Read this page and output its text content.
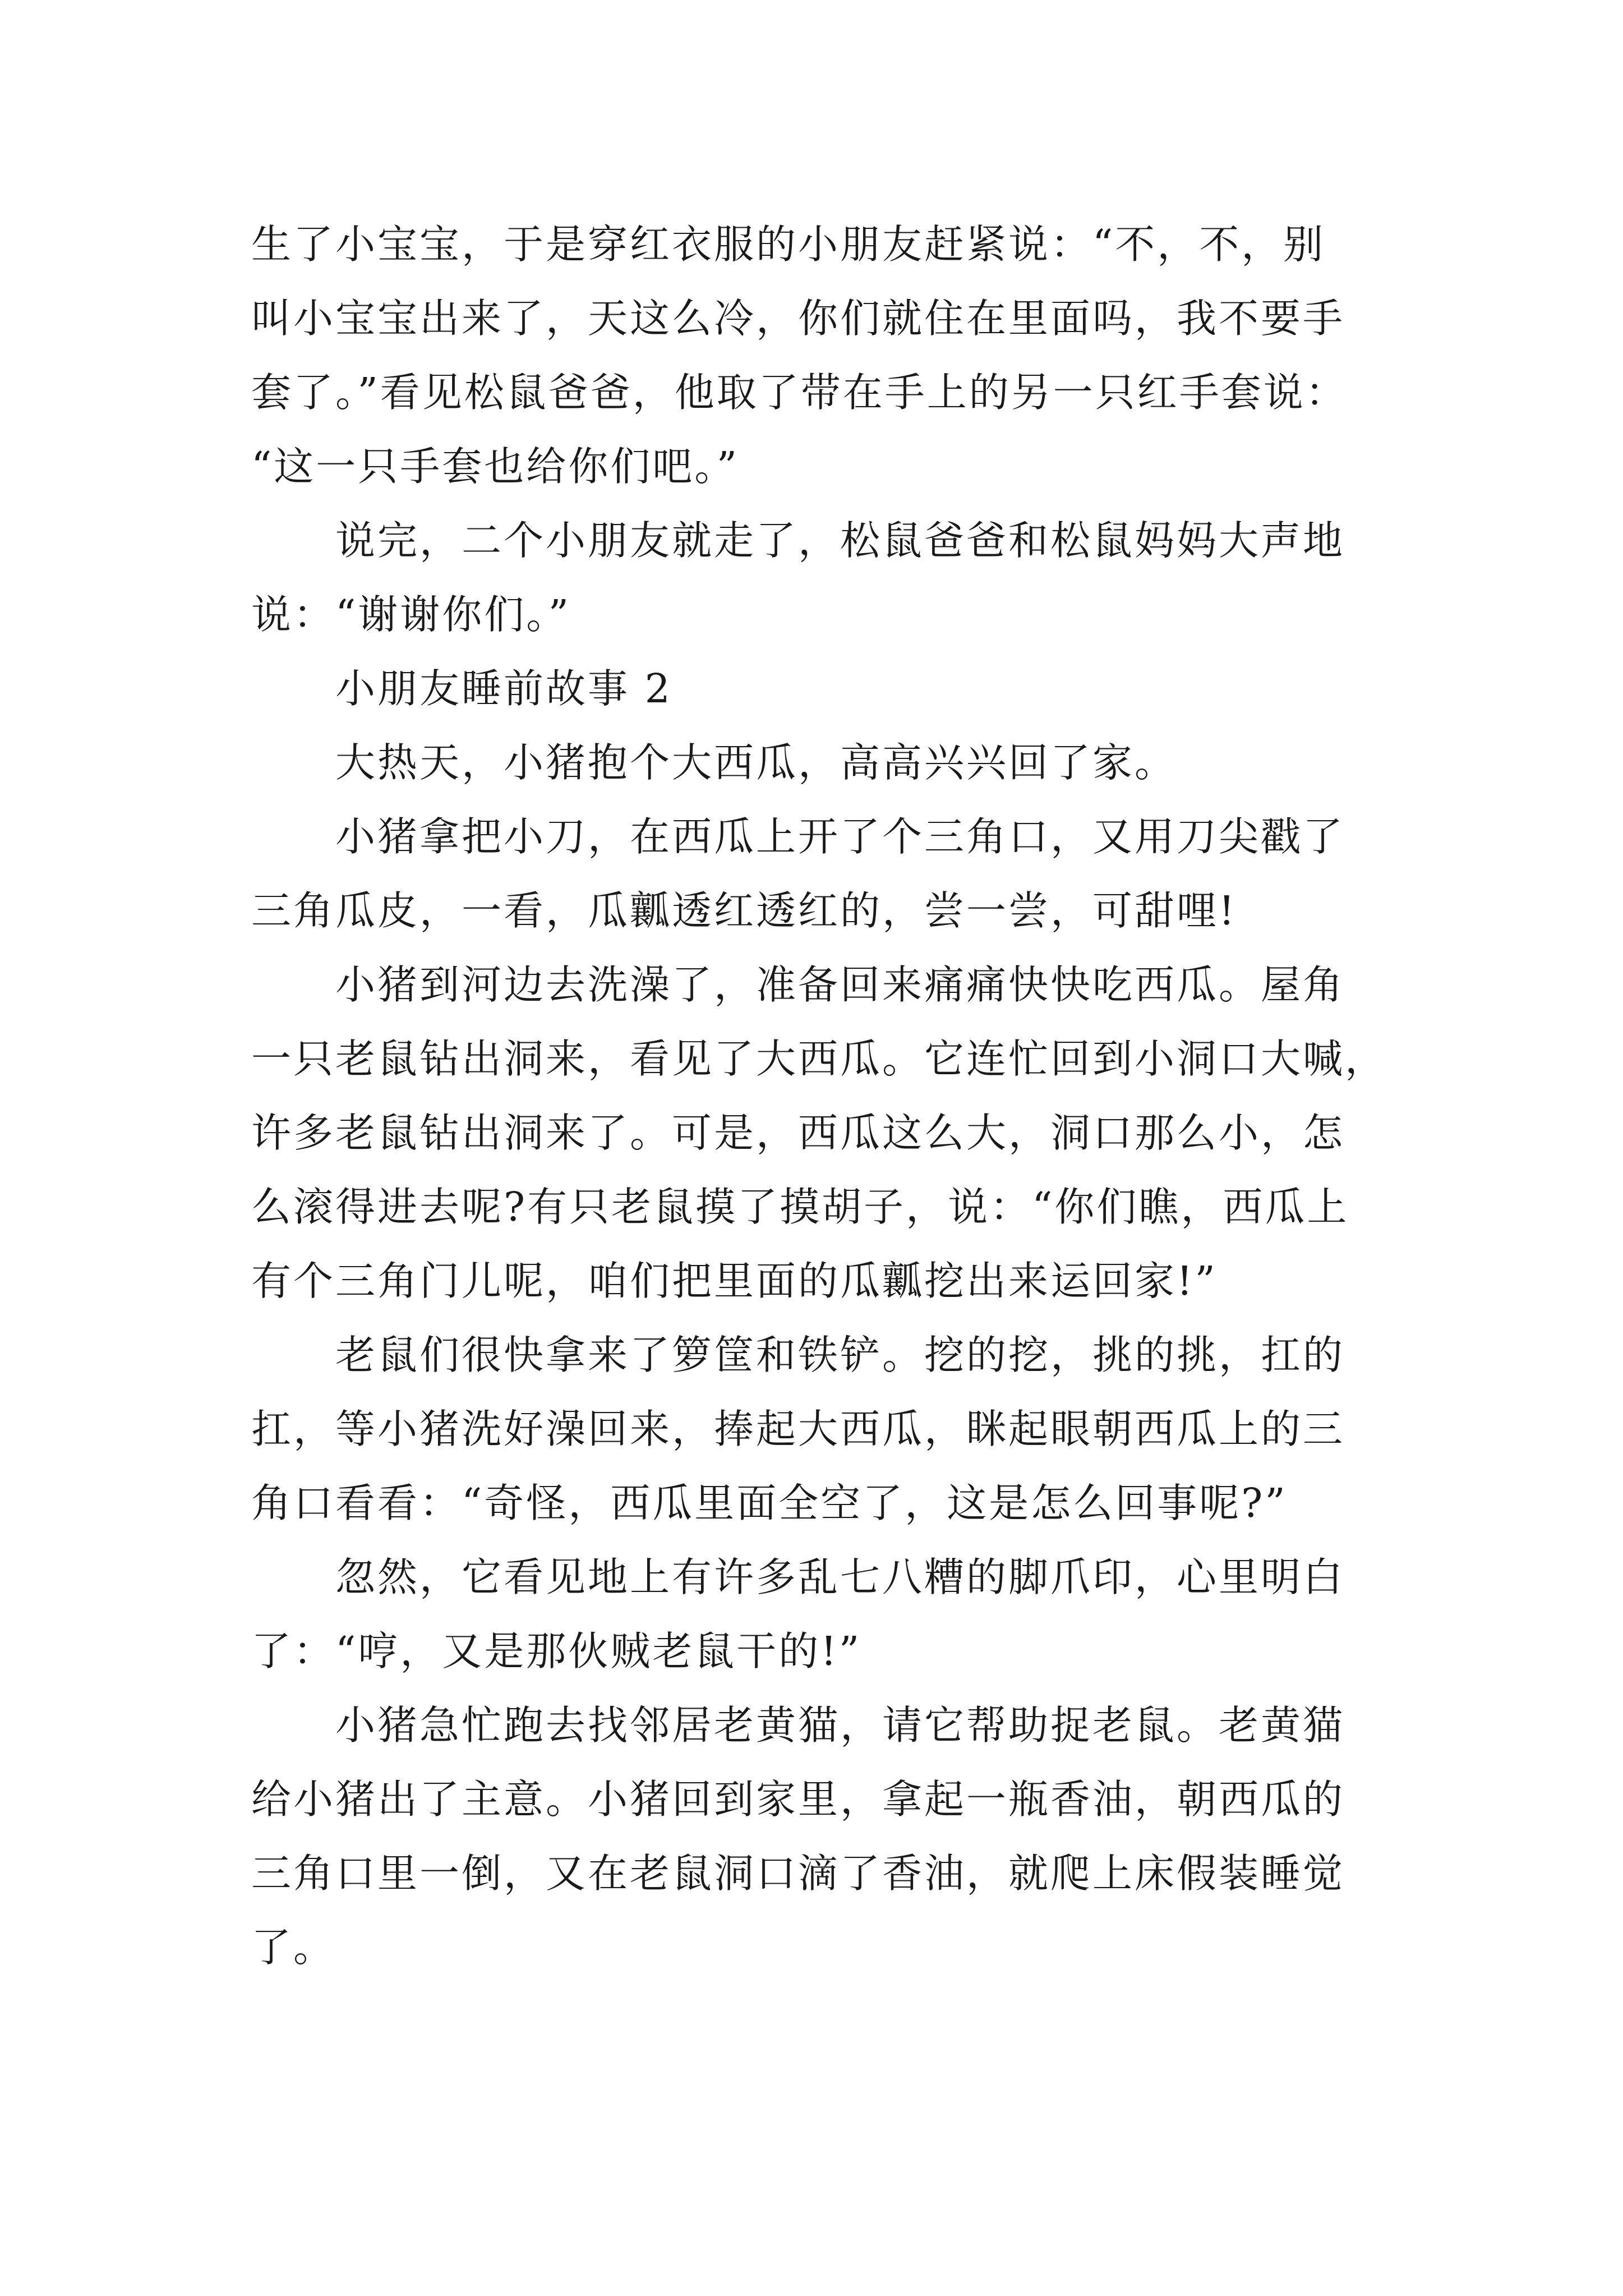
生了小宝宝，于是穿红衣服的小朋友赶紧说：“不，不，别
叫小宝宝出来了，天这么冷，你们就住在里面吗，我不要手
套了。”看见松鼠爸爸，他取了带在手上的另一只红手套说：
“这一只手套也给你们吧。”
说完，二个小朋友就走了，松鼠爸爸和松鼠妈妈大声地
说：“谢谢你们。”
小朋友睡前故事 2
大热天，小猪抱个大西瓜，高高兴兴回了家。
小猪拿把小刀，在西瓜上开了个三角口，又用刀尖戳了
三角瓜皮，一看，瓜瓤透红透红的，尝一尝，可甜哩!
小猪到河边去洗澡了，准备回来痛痛快快吃西瓜。屋角
一只老鼠钻出洞来，看见了大西瓜。它连忙回到小洞口大喊，
许多老鼠钻出洞来了。可是，西瓜这么大，洞口那么小，怎
么滚得进去呢?有只老鼠摸了摸胡子，说：“你们瞧，西瓜上
有个三角门儿呢，咱们把里面的瓜瓤挖出来运回家!”
老鼠们很快拿来了箩筐和铁铲。挖的挖，挑的挑，扛的
扛，等小猪洗好澡回来，捧起大西瓜，眯起眼朝西瓜上的三
角口看看：“奇怪，西瓜里面全空了，这是怎么回事呢?”
忽然，它看见地上有许多乱七八糟的脚爪印，心里明白
了：“哼，又是那伙贼老鼠干的!”
小猪急忙跑去找邻居老黄猫，请它帮助捉老鼠。老黄猫
给小猪出了主意。小猪回到家里，拿起一瓶香油，朝西瓜的
三角口里一倒，又在老鼠洞口滴了香油，就爬上床假装睡觉
了。
